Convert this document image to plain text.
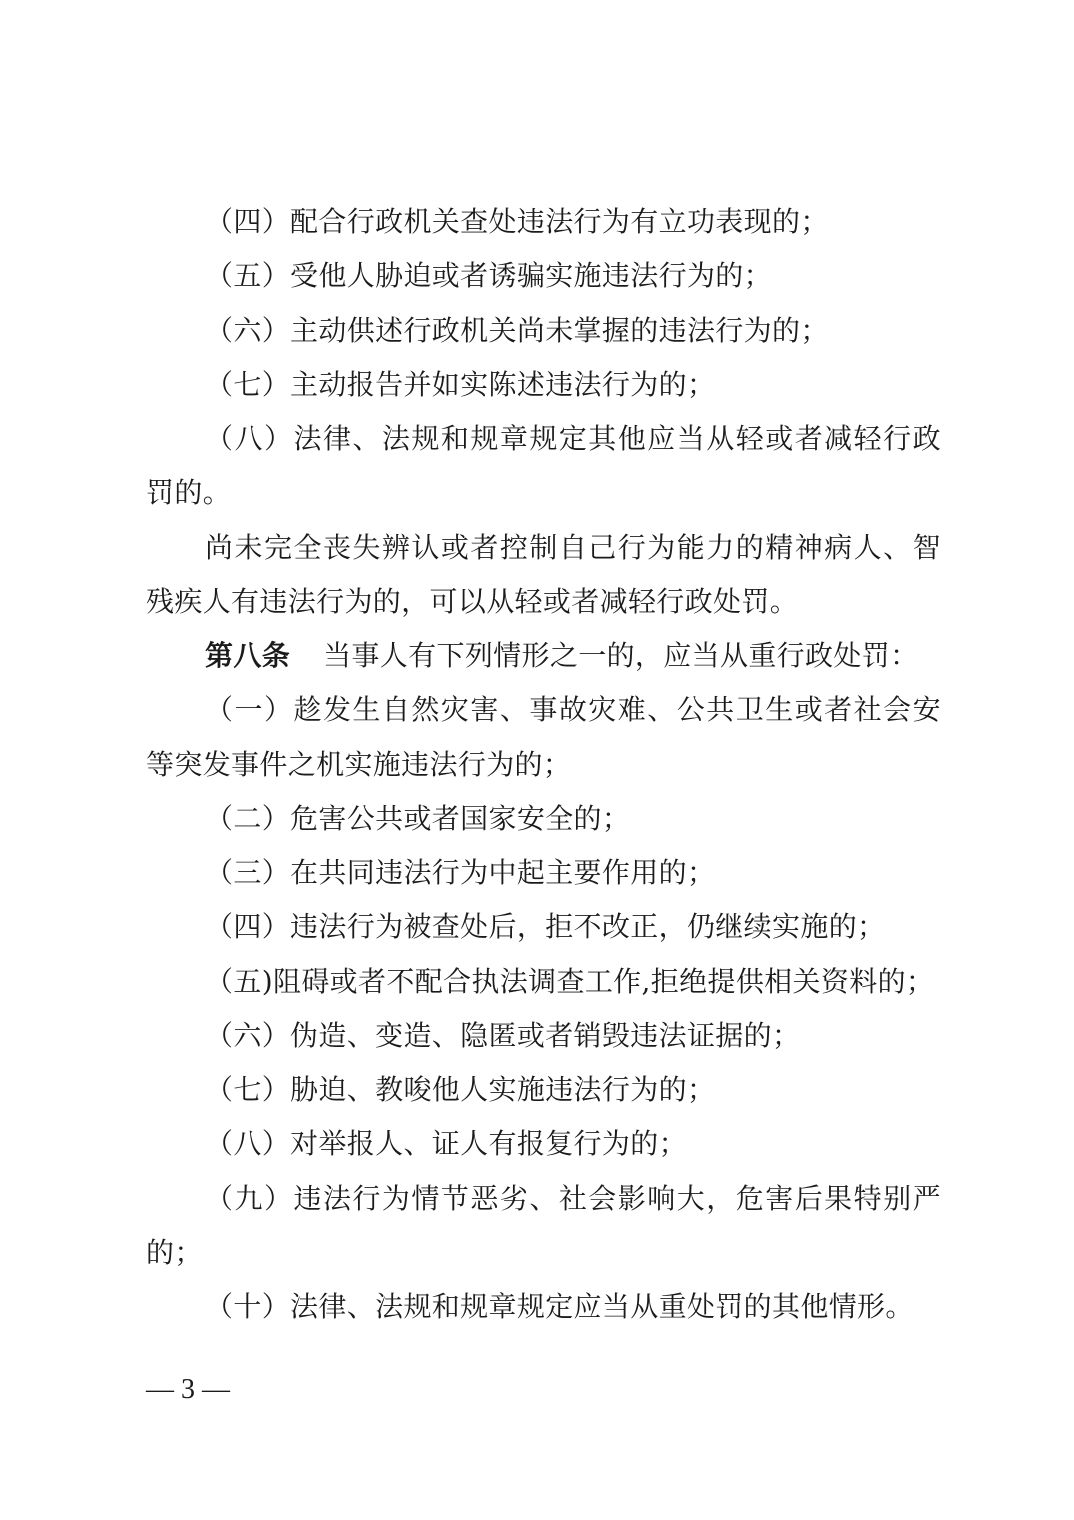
（四）配合行政机关查处违法行为有立功表现的；
（五）受他人胁迫或者诱骗实施违法行为的；
（六）主动供述行政机关尚未掌握的违法行为的；
（七）主动报告并如实陈述违法行为的；
（八）法律、法规和规章规定其他应当从轻或者减轻行政
罚的。
尚未完全丧失辨认或者控制自己行为能力的精神病人、智
残疾人有违法行为的，可以从轻或者减轻行政处罚。
第八条 当事人有下列情形之一的，应当从重行政处罚：
（一）趁发生自然灾害、事故灾难、公共卫生或者社会安
等突发事件之机实施违法行为的；
（二）危害公共或者国家安全的；
（三）在共同违法行为中起主要作用的；
（四）违法行为被查处后，拒不改正，仍继续实施的；
（五)阻碍或者不配合执法调查工作,拒绝提供相关资料的；
（六）伪造、变造、隐匿或者销毁违法证据的；
（七）胁迫、教唆他人实施违法行为的；
（八）对举报人、证人有报复行为的；
（九）违法行为情节恶劣、社会影响大，危害后果特别严
的；
（十）法律、法规和规章规定应当从重处罚的其他情形。
— 3 —
